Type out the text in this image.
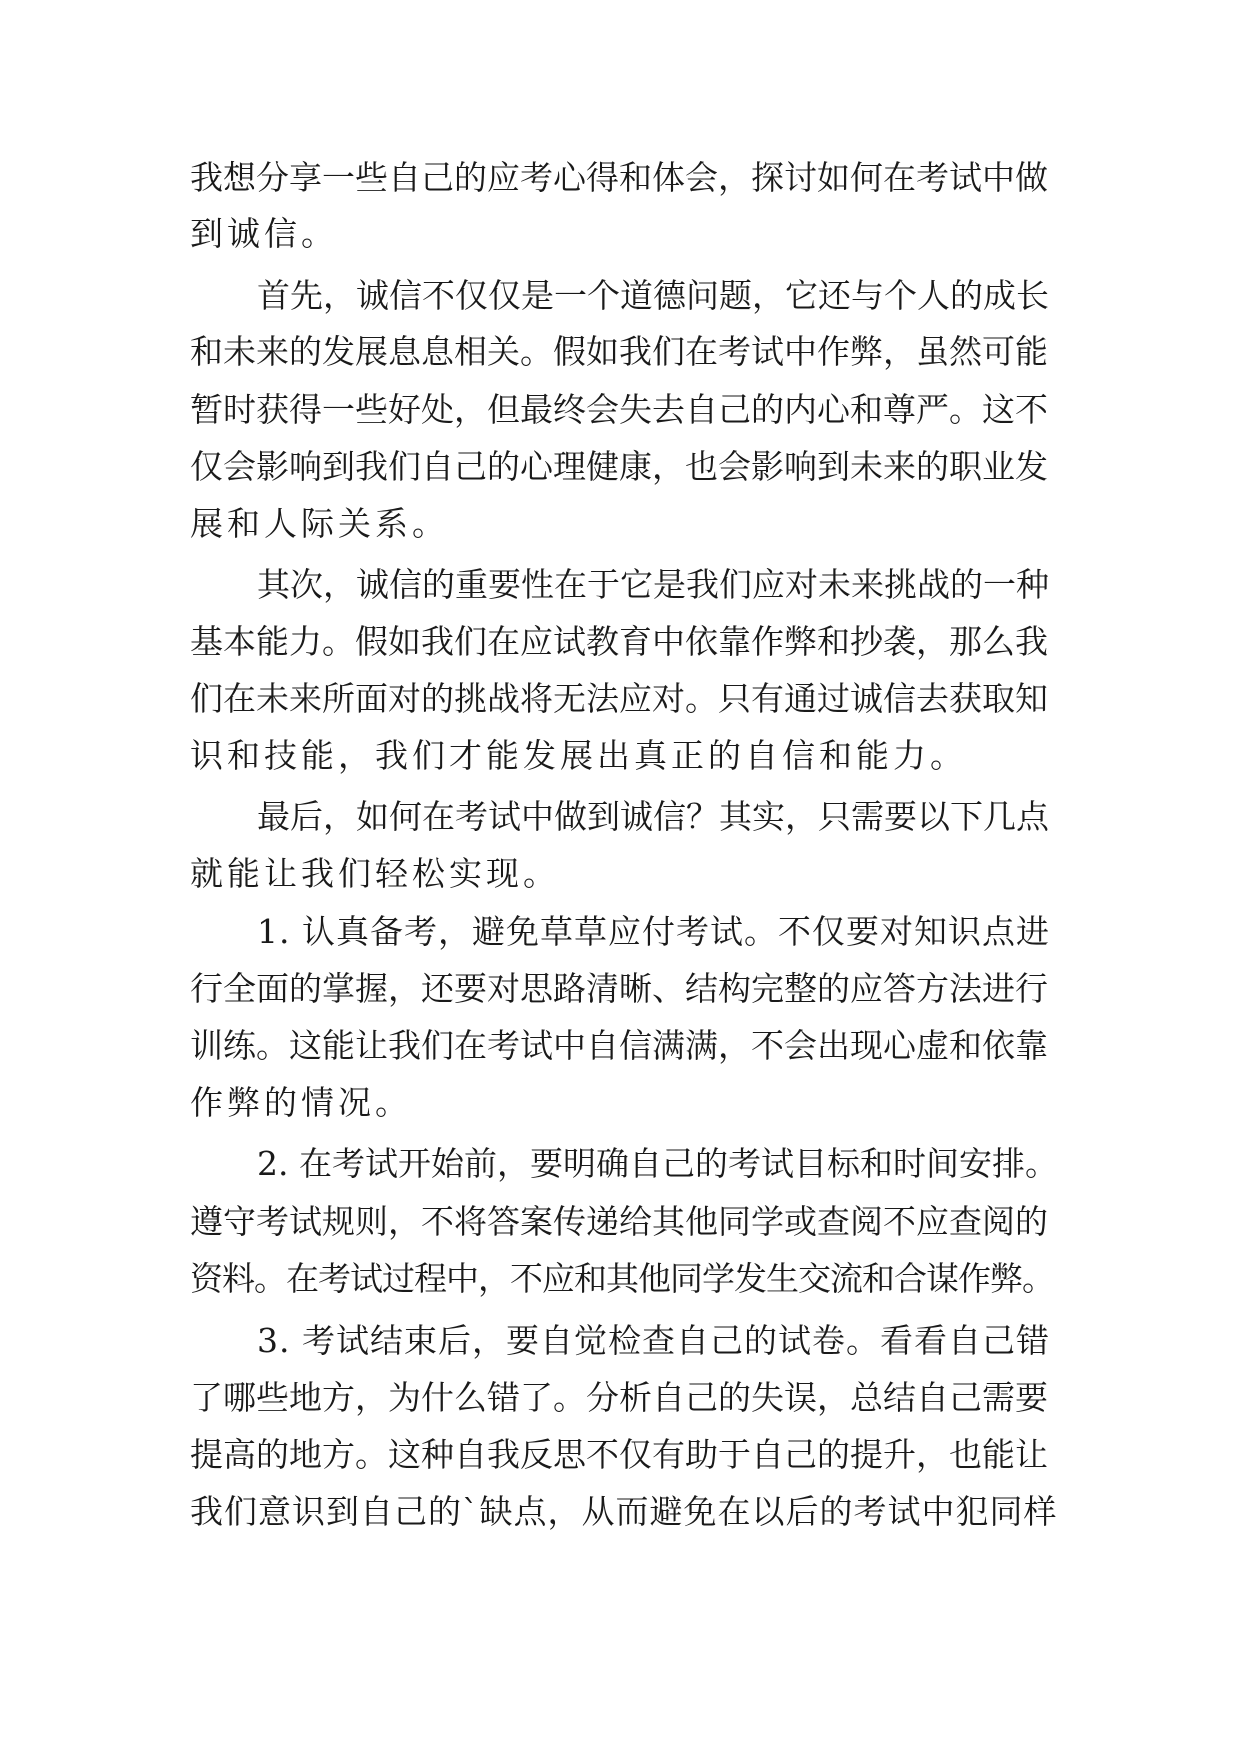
我想分享一些自己的应考心得和体会，探讨如何在考试中做
到诚信。
首先，诚信不仅仅是一个道德问题，它还与个人的成长
和未来的发展息息相关。假如我们在考试中作弊，虽然可能
暂时获得一些好处，但最终会失去自己的内心和尊严。这不
仅会影响到我们自己的心理健康，也会影响到未来的职业发
展和人际关系。
其次，诚信的重要性在于它是我们应对未来挑战的一种
基本能力。假如我们在应试教育中依靠作弊和抄袭，那么我
们在未来所面对的挑战将无法应对。只有通过诚信去获取知
识和技能，我们才能发展出真正的自信和能力。
最后，如何在考试中做到诚信？其实，只需要以下几点
就能让我们轻松实现。
1. 认真备考，避免草草应付考试。不仅要对知识点进
行全面的掌握，还要对思路清晰、结构完整的应答方法进行
训练。这能让我们在考试中自信满满，不会出现心虚和依靠
作弊的情况。
2. 在考试开始前，要明确自己的考试目标和时间安排。
遵守考试规则，不将答案传递给其他同学或查阅不应查阅的
资料。在考试过程中，不应和其他同学发生交流和合谋作弊。
3. 考试结束后，要自觉检查自己的试卷。看看自己错
了哪些地方，为什么错了。分析自己的失误，总结自己需要
提高的地方。这种自我反思不仅有助于自己的提升，也能让
我们意识到自己的`缺点，从而避免在以后的考试中犯同样
